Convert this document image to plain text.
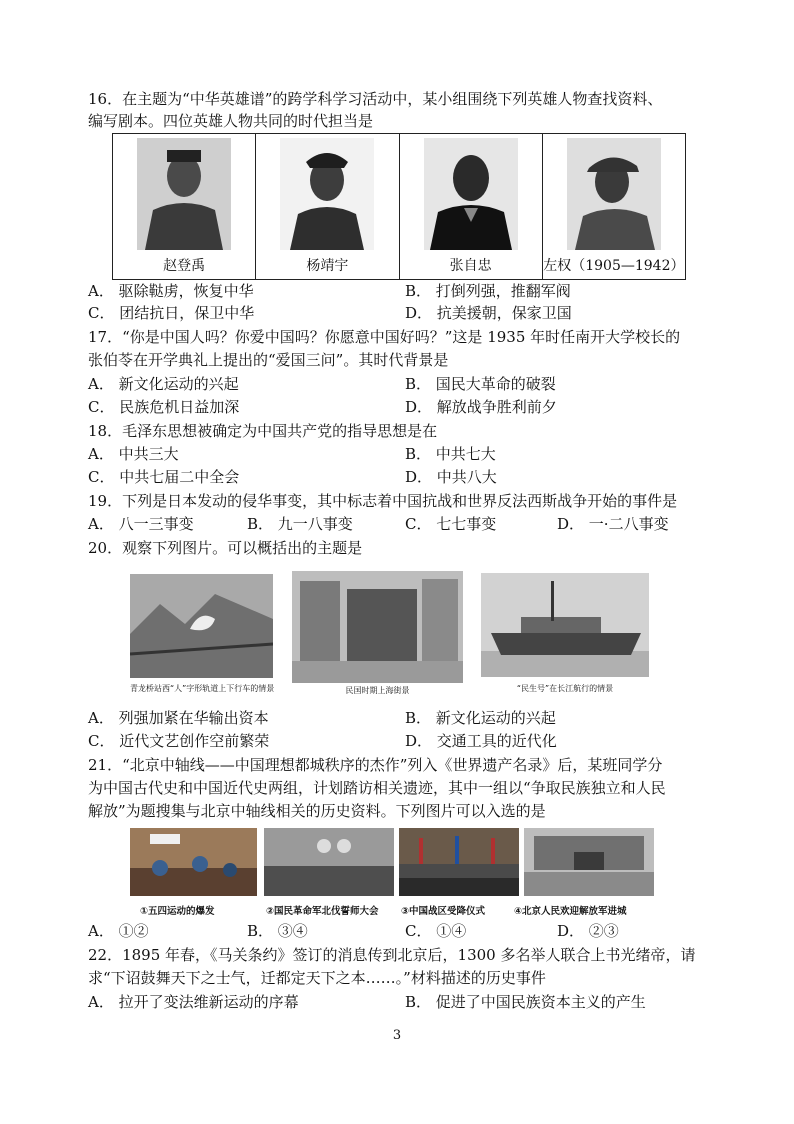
16．在主题为“中华英雄谱”的跨学科学习活动中，某小组围绕下列英雄人物查找资料、
编写剧本。四位英雄人物共同的时代担当是
赵登禹	杨靖宇	张自忠	左权（1905—1942）
A． 驱除鞑虏，恢复中华	B． 打倒列强，推翻军阀
C． 团结抗日，保卫中华	D． 抗美援朝，保家卫国
17．“你是中国人吗？你爱中国吗？你愿意中国好吗？”这是 1935 年时任南开大学校长的
张伯苓在开学典礼上提出的“爱国三问”。其时代背景是
A． 新文化运动的兴起	B． 国民大革命的破裂
C． 民族危机日益加深	D． 解放战争胜利前夕
18．毛泽东思想被确定为中国共产党的指导思想是在
A． 中共三大	B． 中共七大
C． 中共七届二中全会	D． 中共八大
19．下列是日本发动的侵华事变，其中标志着中国抗战和世界反法西斯战争开始的事件是
A． 八一三事变	B． 九一八事变	C． 七七事变	D． 一·二八事变
20．观察下列图片。可以概括出的主题是
青龙桥站西“人”字形轨道上下行车的情景	民国时期上海街景	“民生号”在长江航行的情景
A． 列强加紧在华输出资本	B． 新文化运动的兴起
C． 近代文艺创作空前繁荣	D． 交通工具的近代化
21．“北京中轴线——中国理想都城秩序的杰作”列入《世界遗产名录》后，某班同学分
为中国古代史和中国近代史两组，计划踏访相关遗迹，其中一组以“争取民族独立和人民
解放”为题搜集与北京中轴线相关的历史资料。下列图片可以入选的是
①五四运动的爆发	②国民革命军北伐誓师大会 ③中国战区受降仪式	④北京人民欢迎解放军进城
A． ①②	B． ③④	C． ①④	D． ②③
22．1895 年春，《马关条约》签订的消息传到北京后，1300 多名举人联合上书光绪帝，请
求“下诏鼓舞天下之士气，迁都定天下之本……。”材料描述的历史事件
A． 拉开了变法维新运动的序幕	B． 促进了中国民族资本主义的产生
3
